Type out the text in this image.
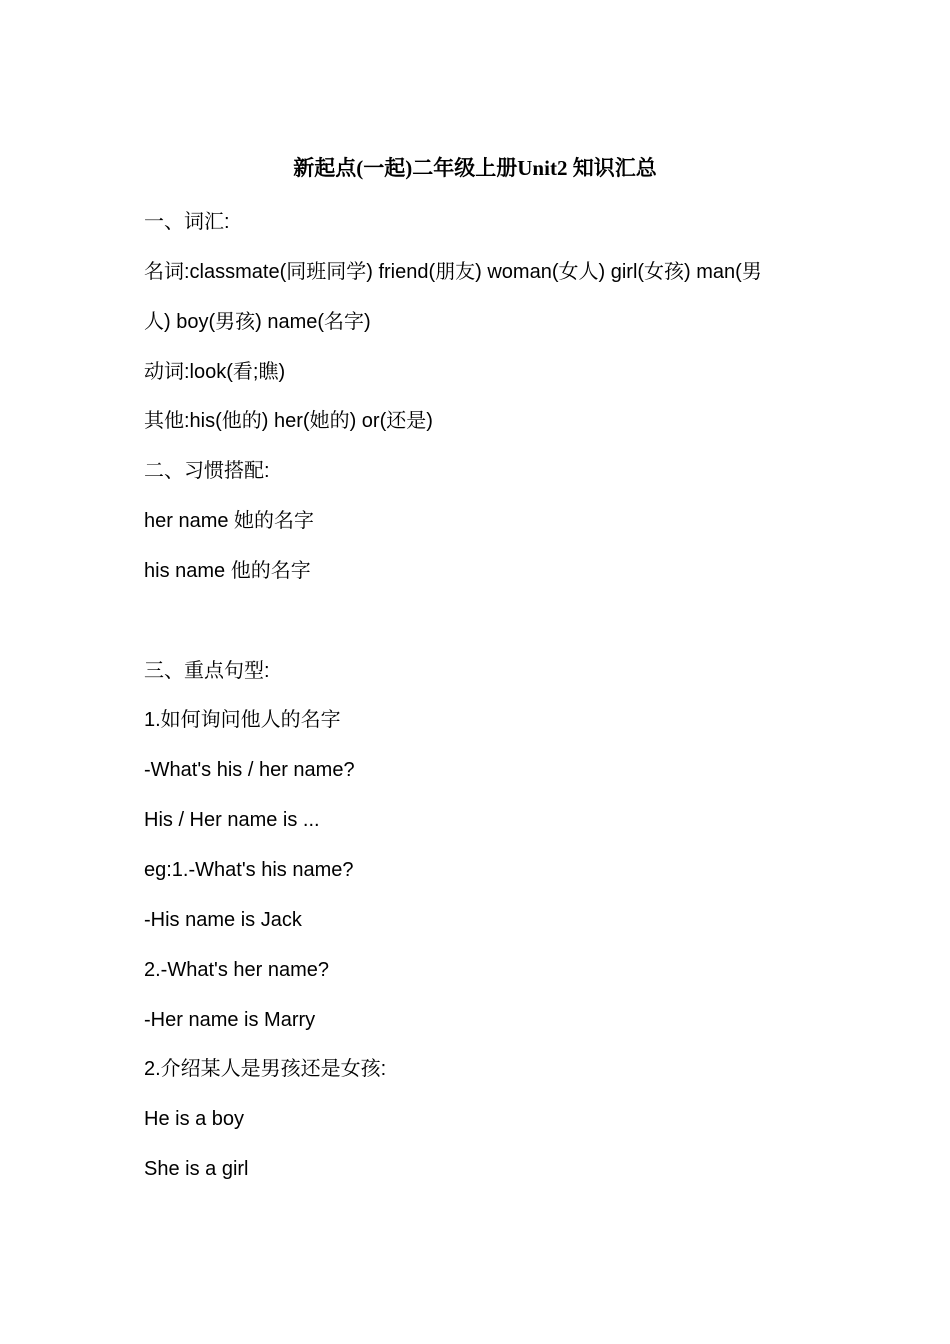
新起点(一起)二年级上册Unit2 知识汇总
一、词汇:
名词:classmate(同班同学) friend(朋友) woman(女人) girl(女孩) man(男
人) boy(男孩) name(名字)
动词:look(看;瞧)
其他:his(他的) her(她的) or(还是)
二、习惯搭配:
her name 她的名字
his name 他的名字
三、重点句型:
1.如何询问他人的名字
-What's his / her name?
His / Her name is ...
eg:1.-What's his name?
-His name is Jack
2.-What's her name?
-Her name is Marry
2.介绍某人是男孩还是女孩:
He is a boy
She is a girl
